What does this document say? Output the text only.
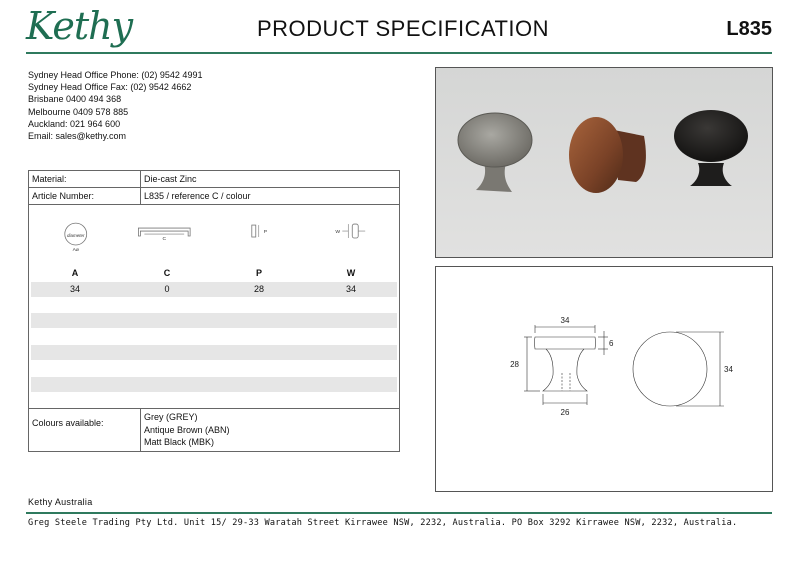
Kethy	PRODUCT SPECIFICATION	L835
Sydney Head Office Phone: (02) 9542 4991
Sydney Head Office Fax: (02) 9542 4662
Brisbane 0400 494 368
Melbourne 0409 578 885
Auckland: 021 964 600
Email: sales@kethy.com
Material:	Die-cast Zinc
Article Number:	L835 / reference C / colour
diameter
Aø
C
P	W
A	C	P	W
34	0	28	34
Colours available:	
Grey (GREY)
Antique Brown (ABN)
Matt Black (MBK)
34
28
6
26
34
Kethy Australia
Greg Steele Trading Pty Ltd. Unit 15/ 29-33 Waratah Street Kirrawee NSW, 2232, Australia. PO Box 3292 Kirrawee NSW, 2232, Australia.
